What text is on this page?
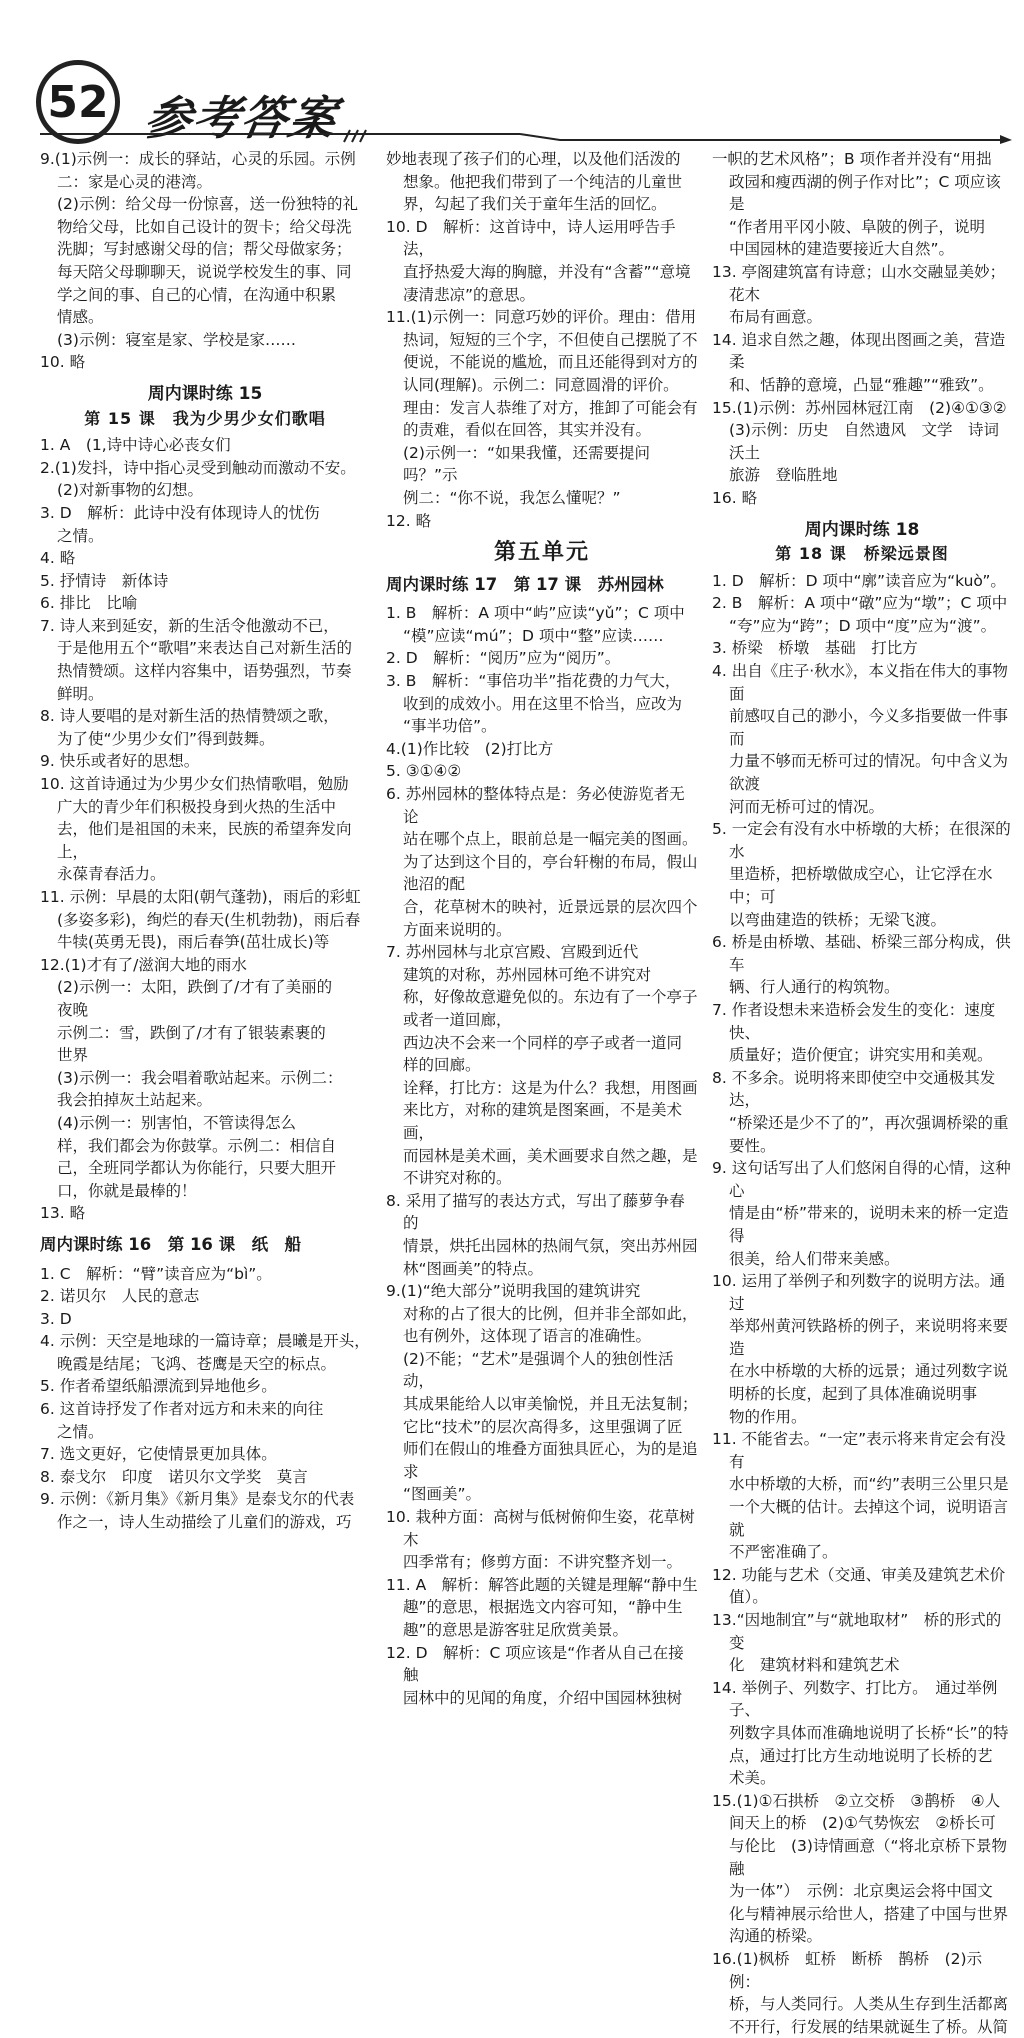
52 参考答案

9.(1)示例一：成长的驿站，心灵的乐园。示例
二：家是心灵的港湾。

(2)示例：给父母一份惊喜，送一份独特的礼
物给父母，比如自己设计的贺卡；给父母洗
洗脚；写封感谢父母的信；帮父母做家务；
每天陪父母聊聊天，说说学校发生的事、同
学之间的事、自己的心情，在沟通中积累
情感。

(3)示例：寝室是家、学校是家……

10. 略

周内课时练 15
第 15 课　我为少男少女们歌唱

1. A　(1,诗中诗心必丧女们

2.(1)发抖，诗中指心灵受到触动而激动不安。

(2)对新事物的幻想。

3. D　解析：此诗中没有体现诗人的忧伤
之情。

4. 略

5. 抒情诗　新体诗

6. 排比　比喻

7. 诗人来到延安，新的生活令他激动不已，
于是他用五个“歌唱”来表达自己对新生活的
热情赞颂。这样内容集中，语势强烈，节奏
鲜明。

8. 诗人要唱的是对新生活的热情赞颂之歌，
为了使“少男少女们”得到鼓舞。

9. 快乐或者好的思想。

10. 这首诗通过为少男少女们热情歌唱，勉励
广大的青少年们积极投身到火热的生活中
去，他们是祖国的未来，民族的希望奔发向上，
永葆青春活力。

11. 示例：早晨的太阳(朝气蓬勃)，雨后的彩虹
(多姿多彩)，绚烂的春天(生机勃勃)，雨后春
牛犊(英勇无畏)，雨后春笋(茁壮成长)等

12.(1)才有了/滋润大地的雨水

(2)示例一：太阳，跌倒了/才有了美丽的
夜晚

示例二：雪，跌倒了/才有了银装素裹的
世界

(3)示例一：我会唱着歌站起来。示例二：
我会拍掉灰土站起来。

(4)示例一：别害怕，不管读得怎么
样，我们都会为你鼓掌。示例二：相信自
己，全班同学都认为你能行，只要大胆开
口，你就是最棒的！

13. 略

周内课时练 16　第 16 课　纸　船

1. C　解析：“臂”读音应为“bì”。

2. 诺贝尔　人民的意志

3. D

4. 示例：天空是地球的一篇诗章；晨曦是开头，
晚霞是结尾；飞鸿、苍鹰是天空的标点。

5. 作者希望纸船漂流到异地他乡。

6. 这首诗抒发了作者对远方和未来的向往
之情。

7. 选文更好，它使情景更加具体。

8. 泰戈尔　印度　诺贝尔文学奖　莫言

9. 示例：《新月集》《新月集》是泰戈尔的代表
作之一，诗人生动描绘了儿童们的游戏，巧

妙地表现了孩子们的心理，以及他们活泼的
想象。他把我们带到了一个纯洁的儿童世
界，勾起了我们关于童年生活的回忆。

10. D　解析：这首诗中，诗人运用呼告手法，
直抒热爱大海的胸臆，并没有“含蓄”“意境
凄清悲凉”的意思。

11.(1)示例一：同意巧妙的评价。理由：借用
热词，短短的三个字，不但使自己摆脱了不
便说，不能说的尴尬，而且还能得到对方的
认同(理解)。示例二：同意圆滑的评价。
理由：发言人恭维了对方，推卸了可能会有
的责难，看似在回答，其实并没有。

(2)示例一：“如果我懂，还需要提问吗？”示
例二：“你不说，我怎么懂呢？”

12. 略

第五单元
周内课时练 17　第 17 课　苏州园林

1. B　解析：A 项中“屿”应读“yǔ”；C 项中
“模”应读“mú”；D 项中“整”应读……

2. D　解析：“阅历”应为“阅历”。

3. B　解析：“事倍功半”指花费的力气大，
收到的成效小。用在这里不恰当，应改为
“事半功倍”。

4.(1)作比较　(2)打比方

5. ③①④②

6. 苏州园林的整体特点是：务必使游览者无论
站在哪个点上，眼前总是一幅完美的图画。
为了达到这个目的，亭台轩榭的布局，假山池沼的配
合，花草树木的映衬，近景远景的层次四个
方面来说明的。

7. 苏州园林与北京宫殿、宫殿到近代
建筑的对称，苏州园林可绝不讲究对
称，好像故意避免似的。东边有了一个亭子或者一道回廊，
西边决不会来一个同样的亭子或者一道同
样的回廊。

诠释，打比方：这是为什么？我想，用图画
来比方，对称的建筑是图案画，不是美术画，
而园林是美术画，美术画要求自然之趣，是
不讲究对称的。

8. 采用了描写的表达方式，写出了藤萝争春的
情景，烘托出园林的热闹气氛，突出苏州园
林“图画美”的特点。

9.(1)“绝大部分”说明我国的建筑讲究
对称的占了很大的比例，但并非全部如此，
也有例外，这体现了语言的准确性。

(2)不能；“艺术”是强调个人的独创性活动，
其成果能给人以审美愉悦，并且无法复制；
它比“技术”的层次高得多，这里强调了匠
师们在假山的堆叠方面独具匠心，为的是追求
“图画美”。

10. 栽种方面：高树与低树俯仰生姿，花草树木
四季常有；修剪方面：不讲究整齐划一。

11. A　解析：解答此题的关键是理解“静中生
趣”的意思，根据选文内容可知，“静中生
趣”的意思是游客驻足欣赏美景。

12. D　解析：C 项应该是“作者从自己在接触
园林中的见闻的角度，介绍中国园林独树

一帜的艺术风格”；B 项作者并没有“用拙
政园和瘦西湖的例子作对比”；C 项应该是
“作者用平冈小陂、阜陂的例子，说明
中国园林的建造要接近大自然”。

13. 亭阁建筑富有诗意；山水交融显美妙；花木
布局有画意。

14. 追求自然之趣，体现出图画之美，营造柔
和、恬静的意境，凸显“雅趣”“雅致”。

15.(1)示例：苏州园林冠江南　(2)④①③②

(3)示例：历史　自然遗风　文学　诗词沃土
旅游　登临胜地

16. 略

周内课时练 18
第 18 课　桥梁远景图

1. D　解析：D 项中“廓”读音应为“kuò”。

2. B　解析：A 项中“礅”应为“墩”；C 项中
“夸”应为“跨”；D 项中“度”应为“渡”。

3. 桥梁　桥墩　基础　打比方

4. 出自《庄子·秋水》，本义指在伟大的事物面
前感叹自己的渺小，今义多指要做一件事而
力量不够而无桥可过的情况。句中含义为欲渡
河而无桥可过的情况。

5. 一定会有没有水中桥墩的大桥；在很深的水
里造桥，把桥墩做成空心，让它浮在水中；可
以弯曲建造的铁桥；无梁飞渡。

6. 桥是由桥墩、基础、桥梁三部分构成，供车
辆、行人通行的构筑物。

7. 作者设想未来造桥会发生的变化：速度快、
质量好；造价便宜；讲究实用和美观。

8. 不多余。说明将来即使空中交通极其发达，
“桥梁还是少不了的”，再次强调桥梁的重
要性。

9. 这句话写出了人们悠闲自得的心情，这种心
情是由“桥”带来的，说明未来的桥一定造得
很美，给人们带来美感。

10. 运用了举例子和列数字的说明方法。通过
举郑州黄河铁路桥的例子，来说明将来要造
在水中桥墩的大桥的远景；通过列数字说
明桥的长度，起到了具体准确说明事
物的作用。

11. 不能省去。“一定”表示将来肯定会有没有
水中桥墩的大桥，而“约”表明三公里只是
一个大概的估计。去掉这个词，说明语言就
不严密准确了。

12. 功能与艺术（交通、审美及建筑艺术价
值）。

13.“因地制宜”与“就地取材”　桥的形式的变
化　建筑材料和建筑艺术

14. 举例子、列数字、打比方。　通过举例子、
列数字具体而准确地说明了长桥“长”的特
点，通过打比方生动地说明了长桥的艺
术美。

15.(1)①石拱桥　②立交桥　③鹊桥　④人
间天上的桥　(2)①气势恢宏　②桥长可
与伦比　(3)诗情画意（“将北京桥下景物融
为一体”）　示例：北京奥运会将中国文
化与精神展示给世人，搭建了中国与世界
沟通的桥梁。

16.(1)枫桥　虹桥　断桥　鹊桥　(2)示例：
桥，与人类同行。人类从生存到生活都离
不开行，行发展的结果就诞生了桥。从简
